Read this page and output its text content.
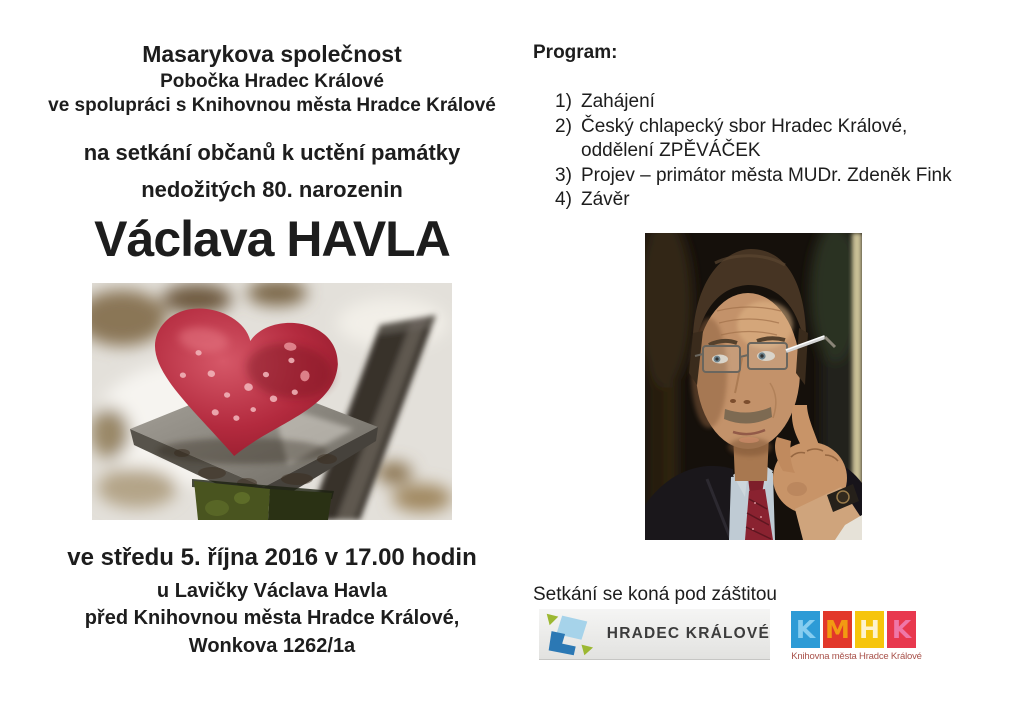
Masarykova společnost
Pobočka Hradec Králové
ve spolupráci s Knihovnou města Hradce Králové
na setkání občanů k uctění památky
nedožitých 80. narozenin
Václava HAVLA
ve středu 5. října 2016 v 17.00 hodin
u Lavičky Václava Havla
před Knihovnou města Hradce Králové,
Wonkova 1262/1a
Program:
1) Zahájení
2) Český chlapecký sbor Hradec Králové,
oddělení ZPĚVÁČEK
3) Projev – primátor města MUDr. Zdeněk Fink
4) Závěr
Setkání se koná pod záštitou
HRADEC KRÁLOVÉ K M H K
Knihovna města Hradce Králové
